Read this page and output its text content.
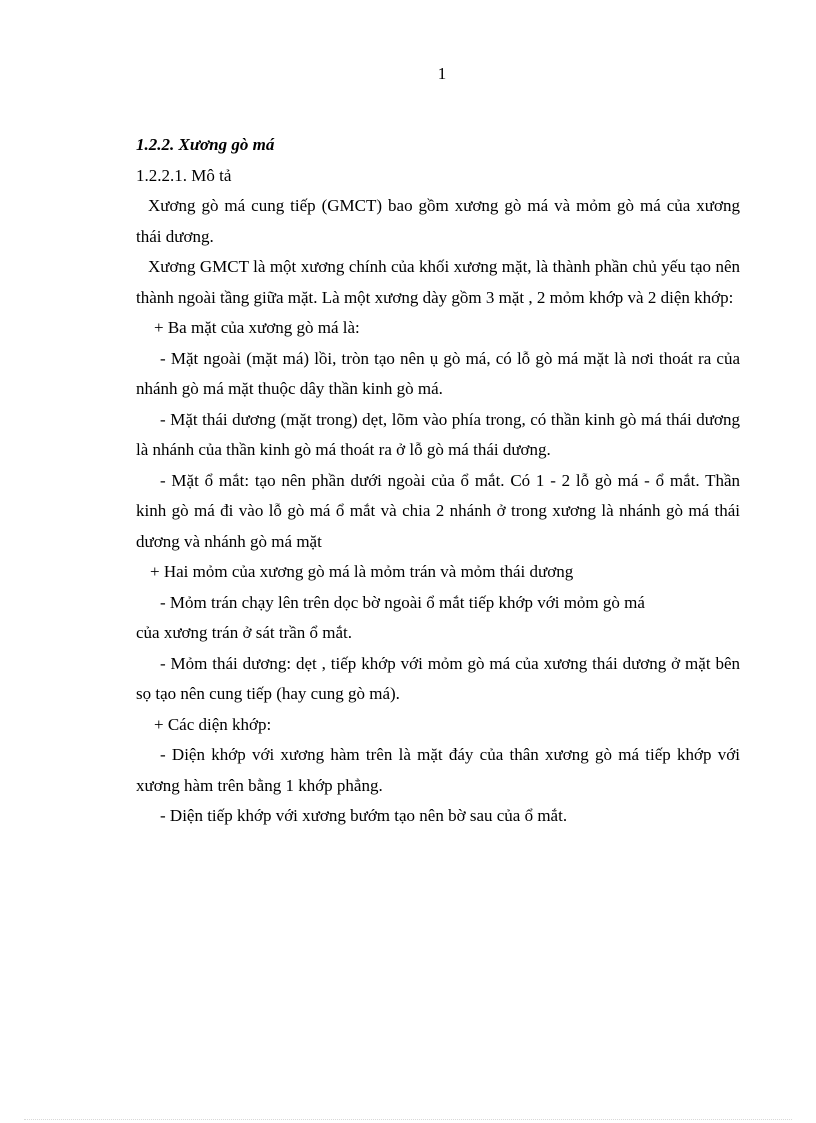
1

1.2.2. Xương gò má

1.2.2.1. Mô tả

Xương gò má cung tiếp (GMCT) bao gồm xương gò má và mỏm gò má của xương thái dương.

Xương GMCT là một xương chính của khối xương mặt, là thành phần chủ yếu tạo nên thành ngoài tầng giữa mặt. Là một xương dày gồm 3 mặt , 2 mỏm khớp và 2 diện khớp:

+ Ba mặt của xương gò má là:

- Mặt ngoài (mặt má) lồi, tròn tạo nên ụ gò má, có lỗ gò má mặt là nơi thoát ra của nhánh gò má mặt thuộc dây thần kinh gò má.

- Mặt thái dương (mặt trong) dẹt, lõm vào phía trong, có thần kinh gò má thái dương là nhánh của thần kinh gò má thoát ra ở lỗ gò má thái dương.

- Mặt ổ mắt: tạo nên phần dưới ngoài của ổ mắt. Có 1 - 2 lỗ gò má - ổ mắt. Thần kinh gò má đi vào lỗ gò má ổ mắt và chia 2 nhánh ở trong xương là nhánh gò má thái dương và nhánh gò má mặt

+ Hai mỏm của xương gò má là mỏm trán và mỏm thái dương

- Mỏm trán chạy lên trên dọc bờ ngoài ổ mắt tiếp khớp với mỏm gò má

của xương trán ở sát trần ổ mắt.

- Mỏm thái dương: dẹt , tiếp khớp với mỏm gò má của xương thái dương ở mặt bên sọ tạo nên cung tiếp (hay cung gò má).

+ Các diện khớp:

- Diện khớp với xương hàm trên là mặt đáy của thân xương gò má tiếp khớp với xương hàm trên bằng 1 khớp phẳng.

- Diện tiếp khớp với xương bướm tạo nên bờ sau của ổ mắt.
